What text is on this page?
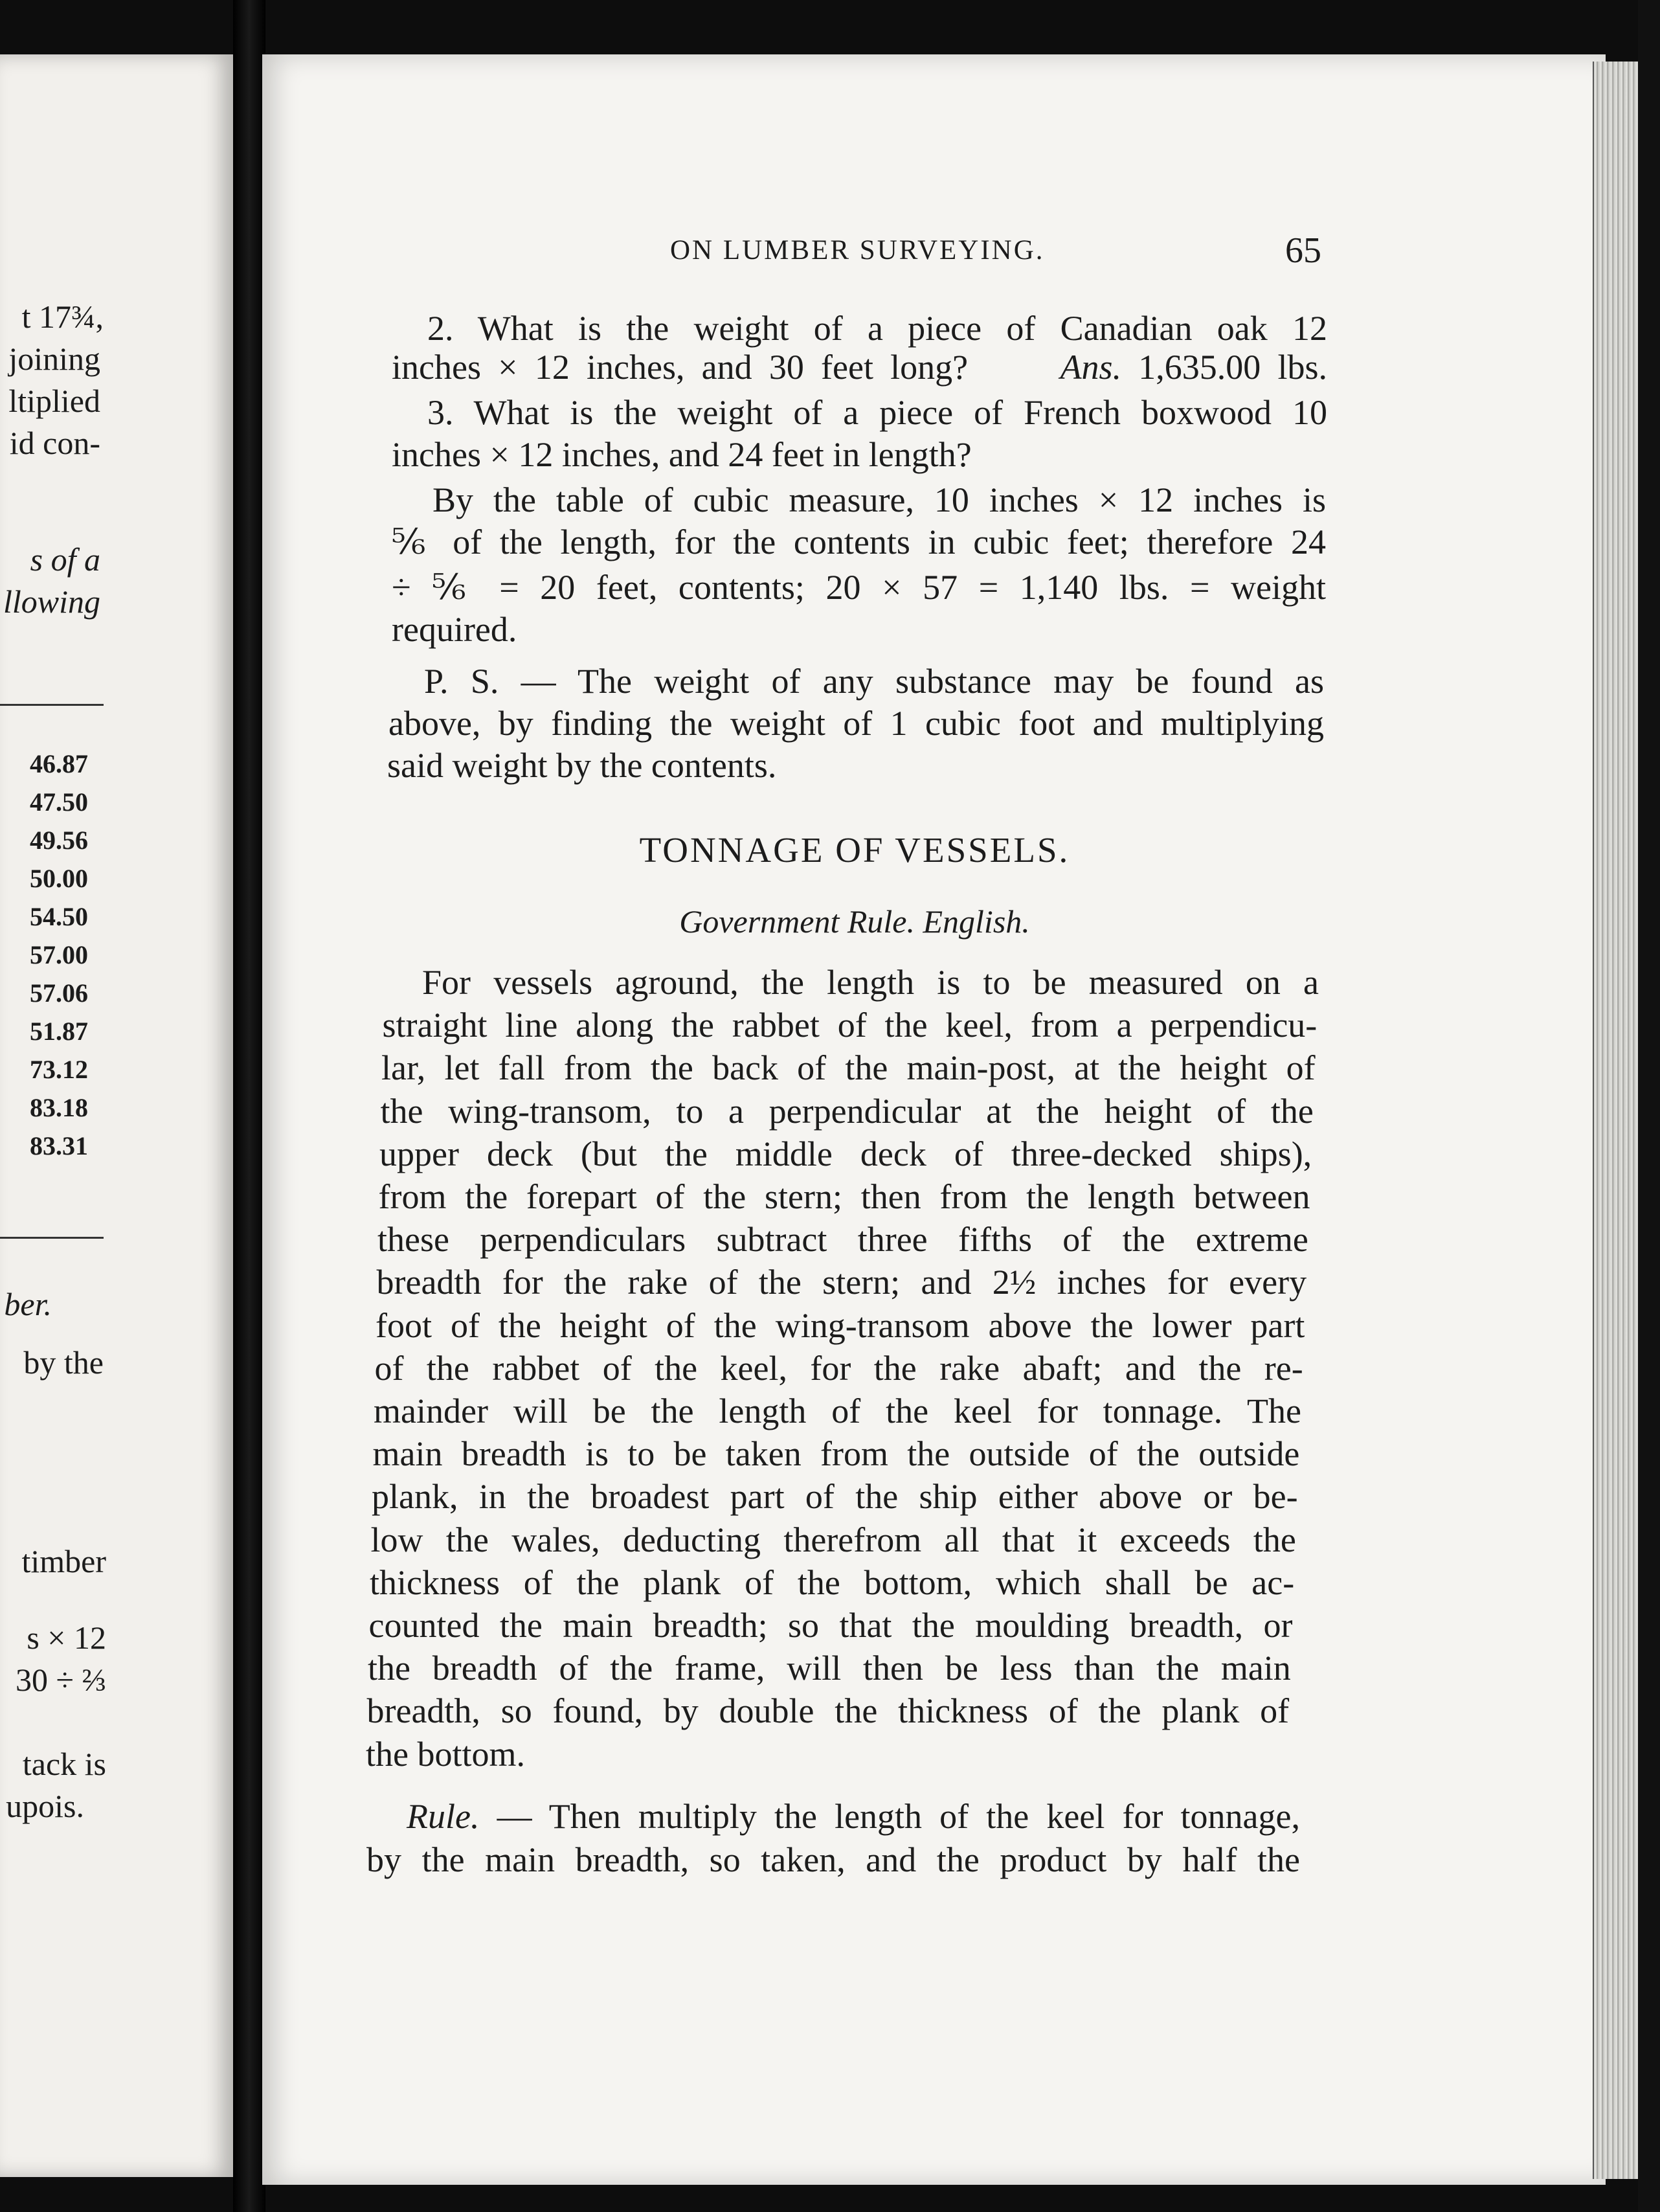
t 17¾,
joining
ltiplied
id con-
s of a
llowing
46.87
47.50
49.56
50.00
54.50
57.00
57.06
51.87
73.12
83.18
83.31
ber.
by the
timber
s × 12
30 ÷ ⅔
tack is
upois.
ON LUMBER SURVEYING.	65
2. What is the weight of a piece of Canadian oak 12
inches × 12 inches, and 30 feet long?	Ans. 1,635.00 lbs.
3. What is the weight of a piece of French boxwood 10
inches × 12 inches, and 24 feet in length?
By the table of cubic measure, 10 inches × 12 inches is
⅚ of the length, for the contents in cubic feet; therefore 24
÷ ⅚ = 20 feet, contents; 20 × 57 = 1,140 lbs. = weight
required.
P. S. — The weight of any substance may be found as
above, by finding the weight of 1 cubic foot and multiplying
said weight by the contents.
TONNAGE OF VESSELS.
Government Rule. English.
For vessels aground, the length is to be measured on a
straight line along the rabbet of the keel, from a perpendicu-
lar, let fall from the back of the main-post, at the height of
the wing-transom, to a perpendicular at the height of the
upper deck (but the middle deck of three-decked ships),
from the forepart of the stern; then from the length between
these perpendiculars subtract three fifths of the extreme
breadth for the rake of the stern; and 2½ inches for every
foot of the height of the wing-transom above the lower part
of the rabbet of the keel, for the rake abaft; and the re-
mainder will be the length of the keel for tonnage. The
main breadth is to be taken from the outside of the outside
plank, in the broadest part of the ship either above or be-
low the wales, deducting therefrom all that it exceeds the
thickness of the plank of the bottom, which shall be ac-
counted the main breadth; so that the moulding breadth, or
the breadth of the frame, will then be less than the main
breadth, so found, by double the thickness of the plank of
the bottom.
Rule. — Then multiply the length of the keel for tonnage,
by the main breadth, so taken, and the product by half the
